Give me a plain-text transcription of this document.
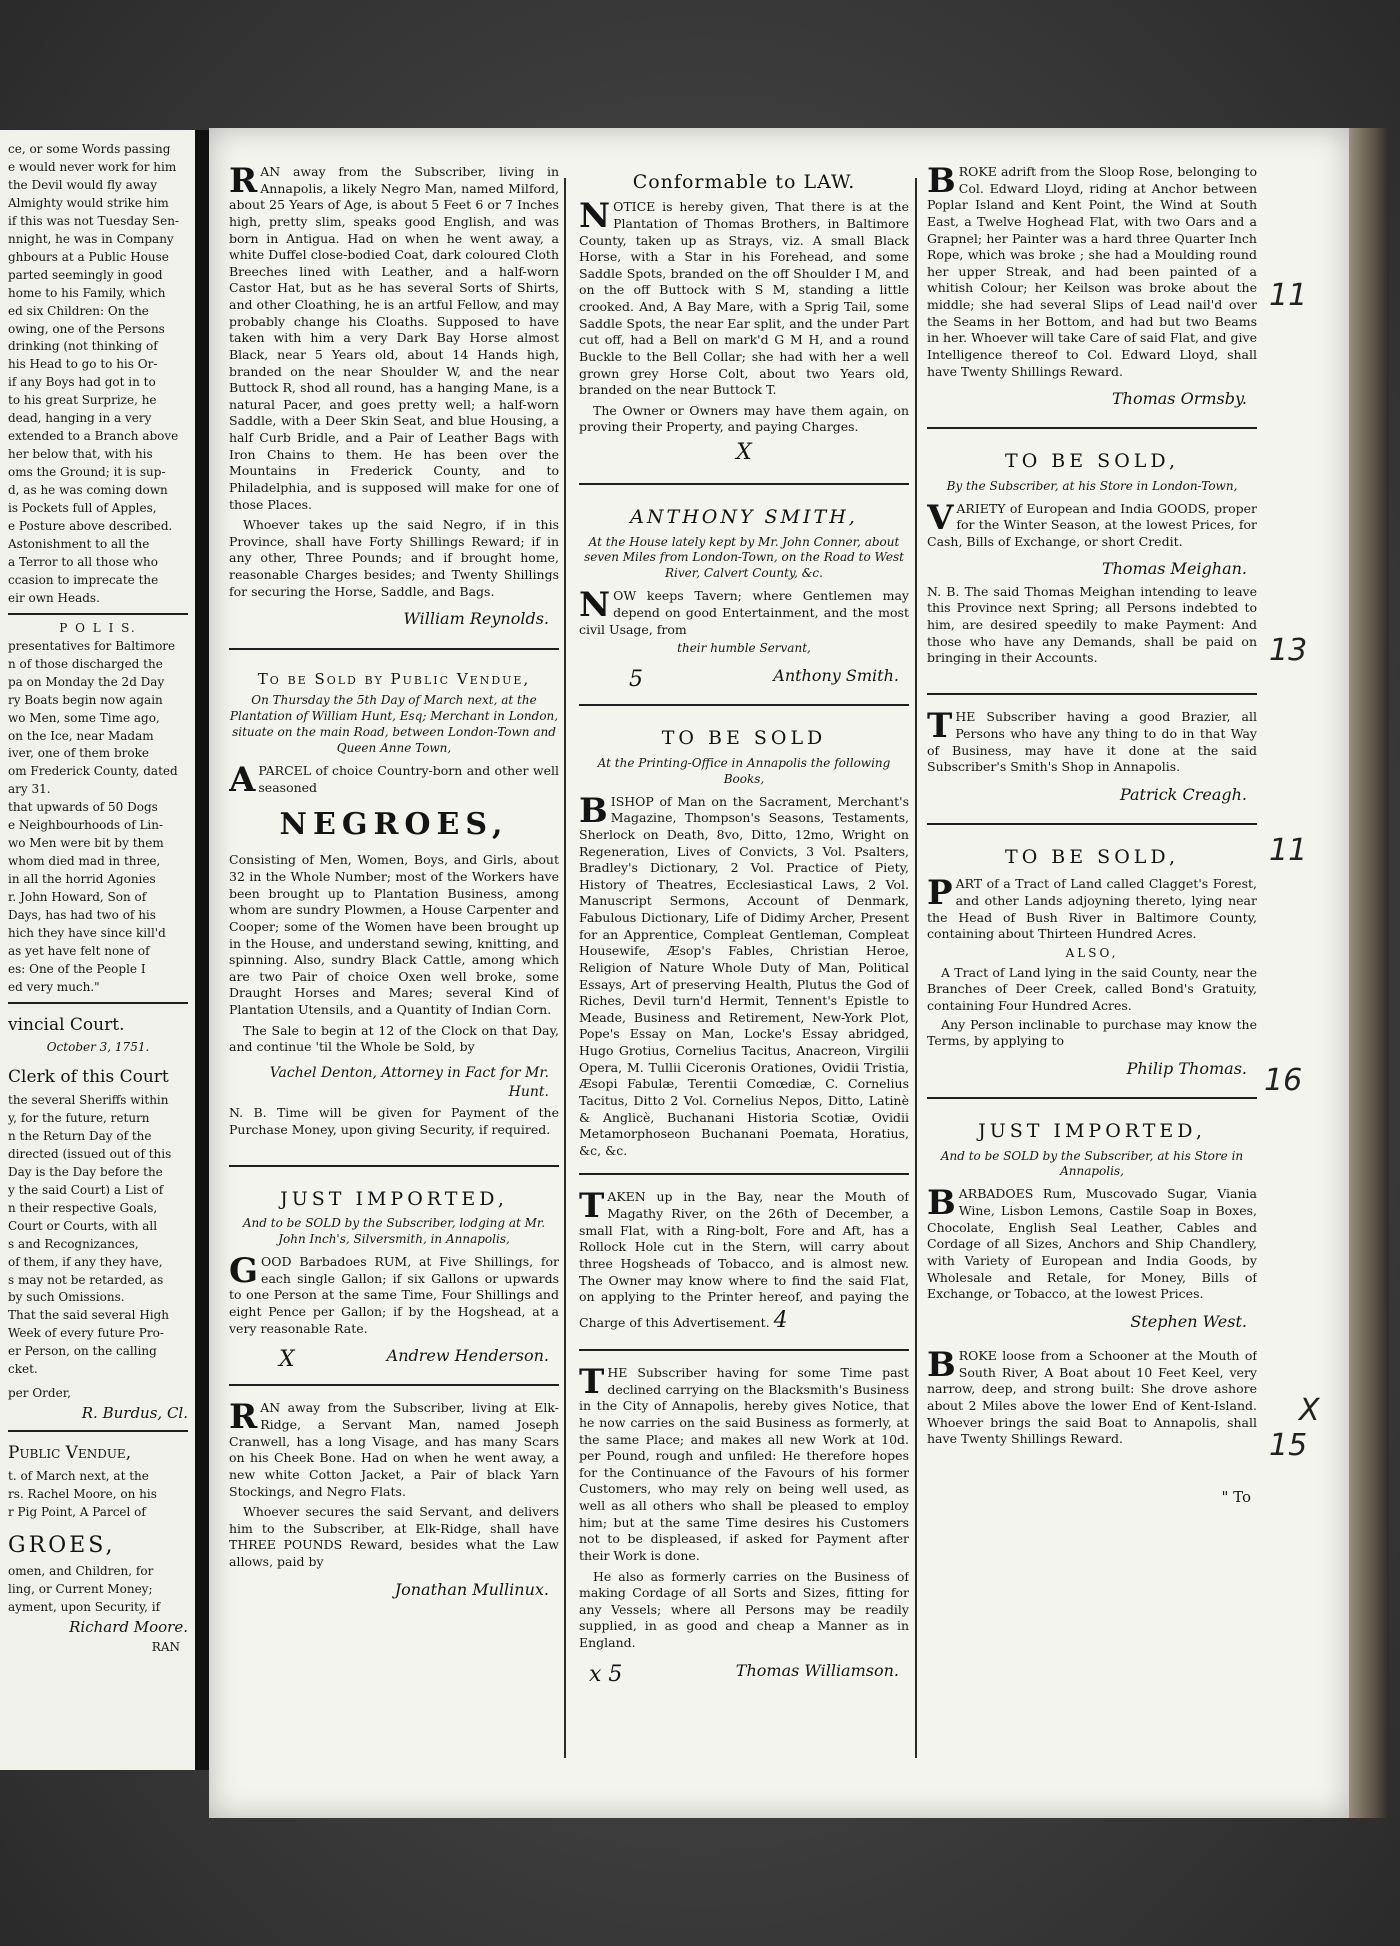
ce, or some Words passing

e would never work for him

the Devil would fly away

Almighty would strike him

if this was not Tuesday Sen-

nnight, he was in Company

ghbours at a Public House

parted seemingly in good

home to his Family, which

ed six Children: On the

owing, one of the Persons

drinking (not thinking of

his Head to go to his Or-

if any Boys had got in to

to his great Surprize, he

dead, hanging in a very

extended to a Branch above

her below that, with his

oms the Ground; it is sup-

d, as he was coming down

is Pockets full of Apples,

e Posture above described.

Astonishment to all the

a Terror to all those who

ccasion to imprecate the

eir own Heads.

P O L I S.

presentatives for Baltimore

n of those discharged the

pa on Monday the 2d Day

ry Boats begin now again

wo Men, some Time ago,

on the Ice, near Madam

iver, one of them broke

om Frederick County, dated

ary 31.

that upwards of 50 Dogs

e Neighbourhoods of Lin-

wo Men were bit by them

whom died mad in three,

in all the horrid Agonies

r. John Howard, Son of

Days, has had two of his

hich they have since kill'd

as yet have felt none of

es: One of the People I

ed very much."

vincial Court.

October 3, 1751.

Clerk of this Court

the several Sheriffs within

y, for the future, return

n the Return Day of the

directed (issued out of this

Day is the Day before the

y the said Court) a List of

n their respective Goals,

Court or Courts, with all

s and Recognizances,

of them, if any they have,

s may not be retarded, as

by such Omissions.

That the said several High

Week of every future Pro-

er Person, on the calling

cket.

per Order,

R. Burdus, Cl.

Public Vendue,

t. of March next, at the

rs. Rachel Moore, on his

r Pig Point, A Parcel of

GROES,

omen, and Children, for

ling, or Current Money;

ayment, upon Security, if

Richard Moore.

RAN

RAN away from the Subscriber, living in Annapolis, a likely Negro Man, named Milford, about 25 Years of Age, is about 5 Feet 6 or 7 Inches high, pretty slim, speaks good English, and was born in Antigua. Had on when he went away, a white Duffel close-bodied Coat, dark coloured Cloth Breeches lined with Leather, and a half-worn Castor Hat, but as he has several Sorts of Shirts, and other Cloathing, he is an artful Fellow, and may probably change his Cloaths. Supposed to have taken with him a very Dark Bay Horse almost Black, near 5 Years old, about 14 Hands high, branded on the near Shoulder W, and the near Buttock R, shod all round, has a hanging Mane, is a natural Pacer, and goes pretty well; a half-worn Saddle, with a Deer Skin Seat, and blue Housing, a half Curb Bridle, and a Pair of Leather Bags with Iron Chains to them. He has been over the Mountains in Frederick County, and to Philadelphia, and is supposed will make for one of those Places.

Whoever takes up the said Negro, if in this Province, shall have Forty Shillings Reward; if in any other, Three Pounds; and if brought home, reasonable Charges besides; and Twenty Shillings for securing the Horse, Saddle, and Bags.

William Reynolds.

To be Sold by Public Vendue,

On Thursday the 5th Day of March next, at the Plantation of William Hunt, Esq; Merchant in London, situate on the main Road, between London-Town and Queen Anne Town,

APARCEL of choice Country-born and other well seasoned

NEGROES,

Consisting of Men, Women, Boys, and Girls, about 32 in the Whole Number; most of the Workers have been brought up to Plantation Business, among whom are sundry Plowmen, a House Carpenter and Cooper; some of the Women have been brought up in the House, and understand sewing, knitting, and spinning. Also, sundry Black Cattle, among which are two Pair of choice Oxen well broke, some Draught Horses and Mares; several Kind of Plantation Utensils, and a Quantity of Indian Corn.

The Sale to begin at 12 of the Clock on that Day, and continue 'til the Whole be Sold, by

Vachel Denton, Attorney in Fact for Mr. Hunt.

N. B. Time will be given for Payment of the Purchase Money, upon giving Security, if required.

JUST IMPORTED,

And to be SOLD by the Subscriber, lodging at Mr. John Inch's, Silversmith, in Annapolis,

GOOD Barbadoes RUM, at Five Shillings, for each single Gallon; if six Gallons or upwards to one Person at the same Time, Four Shillings and eight Pence per Gallon; if by the Hogshead, at a very reasonable Rate.

X	Andrew Henderson.

RAN away from the Subscriber, living at Elk-Ridge, a Servant Man, named Joseph Cranwell, has a long Visage, and has many Scars on his Cheek Bone. Had on when he went away, a new white Cotton Jacket, a Pair of black Yarn Stockings, and Negro Flats.

Whoever secures the said Servant, and delivers him to the Subscriber, at Elk-Ridge, shall have THREE POUNDS Reward, besides what the Law allows, paid by

Jonathan Mullinux.

Conformable to LAW.

NOTICE is hereby given, That there is at the Plantation of Thomas Brothers, in Baltimore County, taken up as Strays, viz. A small Black Horse, with a Star in his Forehead, and some Saddle Spots, branded on the off Shoulder I M, and on the off Buttock with S M, standing a little crooked. And, A Bay Mare, with a Sprig Tail, some Saddle Spots, the near Ear split, and the under Part cut off, had a Bell on mark'd G M H, and a round Buckle to the Bell Collar; she had with her a well grown grey Horse Colt, about two Years old, branded on the near Buttock T.

The Owner or Owners may have them again, on proving their Property, and paying Charges.

X

ANTHONY SMITH,

At the House lately kept by Mr. John Conner, about seven Miles from London-Town, on the Road to West River, Calvert County, &c.

NOW keeps Tavern; where Gentlemen may depend on good Entertainment, and the most civil Usage, from

their humble Servant,

5	Anthony Smith.

TO BE SOLD

At the Printing-Office in Annapolis the following Books,

BISHOP of Man on the Sacrament, Merchant's Magazine, Thompson's Seasons, Testaments, Sherlock on Death, 8vo, Ditto, 12mo, Wright on Regeneration, Lives of Convicts, 3 Vol. Psalters, Bradley's Dictionary, 2 Vol. Practice of Piety, History of Theatres, Ecclesiastical Laws, 2 Vol. Manuscript Sermons, Account of Denmark, Fabulous Dictionary, Life of Didimy Archer, Present for an Apprentice, Compleat Gentleman, Compleat Housewife, Æsop's Fables, Christian Heroe, Religion of Nature Whole Duty of Man, Political Essays, Art of preserving Health, Plutus the God of Riches, Devil turn'd Hermit, Tennent's Epistle to Meade, Business and Retirement, New-York Plot, Pope's Essay on Man, Locke's Essay abridged, Hugo Grotius, Cornelius Tacitus, Anacreon, Virgilii Opera, M. Tullii Ciceronis Orationes, Ovidii Tristia, Æsopi Fabulæ, Terentii Comœdiæ, C. Cornelius Tacitus, Ditto 2 Vol. Cornelius Nepos, Ditto, Latinè & Anglicè, Buchanani Historia Scotiæ, Ovidii Metamorphoseon Buchanani Poemata, Horatius, &c, &c.

TAKEN up in the Bay, near the Mouth of Magathy River, on the 26th of December, a small Flat, with a Ring-bolt, Fore and Aft, has a Rollock Hole cut in the Stern, will carry about three Hogsheads of Tobacco, and is almost new. The Owner may know where to find the said Flat, on applying to the Printer hereof, and paying the Charge of this Advertisement. 4

THE Subscriber having for some Time past declined carrying on the Blacksmith's Business in the City of Annapolis, hereby gives Notice, that he now carries on the said Business as formerly, at the same Place; and makes all new Work at 10d. per Pound, rough and unfiled: He therefore hopes for the Continuance of the Favours of his former Customers, who may rely on being well used, as well as all others who shall be pleased to employ him; but at the same Time desires his Customers not to be displeased, if asked for Payment after their Work is done.

He also as formerly carries on the Business of making Cordage of all Sorts and Sizes, fitting for any Vessels; where all Persons may be readily supplied, in as good and cheap a Manner as in England.

x 5	Thomas Williamson.

BROKE adrift from the Sloop Rose, belonging to Col. Edward Lloyd, riding at Anchor between Poplar Island and Kent Point, the Wind at South East, a Twelve Hoghead Flat, with two Oars and a Grapnel; her Painter was a hard three Quarter Inch Rope, which was broke ; she had a Moulding round her upper Streak, and had been painted of a whitish Colour; her Keilson was broke about the middle; she had several Slips of Lead nail'd over the Seams in her Bottom, and had but two Beams in her. Whoever will take Care of said Flat, and give Intelligence thereof to Col. Edward Lloyd, shall have Twenty Shillings Reward.

Thomas Ormsby.

TO BE SOLD,

By the Subscriber, at his Store in London-Town,

VARIETY of European and India GOODS, proper for the Winter Season, at the lowest Prices, for Cash, Bills of Exchange, or short Credit.

Thomas Meighan.

N. B. The said Thomas Meighan intending to leave this Province next Spring; all Persons indebted to him, are desired speedily to make Payment: And those who have any Demands, shall be paid on bringing in their Accounts.

THE Subscriber having a good Brazier, all Persons who have any thing to do in that Way of Business, may have it done at the said Subscriber's Smith's Shop in Annapolis.

Patrick Creagh.

TO BE SOLD,

PART of a Tract of Land called Clagget's Forest, and other Lands adjoyning thereto, lying near the Head of Bush River in Baltimore County, containing about Thirteen Hundred Acres.

ALSO,

A Tract of Land lying in the said County, near the Branches of Deer Creek, called Bond's Gratuity, containing Four Hundred Acres.

Any Person inclinable to purchase may know the Terms, by applying to

Philip Thomas.

JUST IMPORTED,

And to be SOLD by the Subscriber, at his Store in Annapolis,

BARBADOES Rum, Muscovado Sugar, Viania Wine, Lisbon Lemons, Castile Soap in Boxes, Chocolate, English Seal Leather, Cables and Cordage of all Sizes, Anchors and Ship Chandlery, with Variety of European and India Goods, by Wholesale and Retale, for Money, Bills of Exchange, or Tobacco, at the lowest Prices.

Stephen West.

BROKE loose from a Schooner at the Mouth of South River, A Boat about 10 Feet Keel, very narrow, deep, and strong built: She drove ashore about 2 Miles above the lower End of Kent-Island. Whoever brings the said Boat to Annapolis, shall have Twenty Shillings Reward.

" To

11
13
11
16
X
15
